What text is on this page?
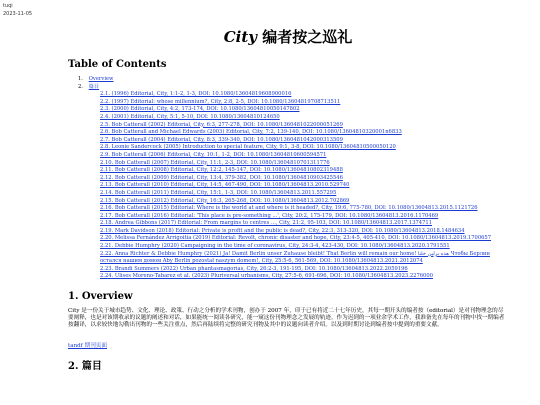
tuqi
2023-11-05
City 编者按之巡礼
Table of Contents
1. Overview
2. 篇目
2.1. (1996) Editorial, City, 1:1-2, 1-3, DOI: 10.1080/13604819608900016
2.2. (1997) Editorial: whose millennium?, City, 2:8, 2-5, DOI: 10.1080/13604819708713511
2.3. (2000) Editorial, City, 4:2, 173-174, DOI: 10.1080/13604810050147802
2.4. (2001) Editorial, City, 5:1, 5-10, DOI: 10.1080/13604810124650
2.5. Bob Catterall (2002) Editorial, City, 6:3, 277-278, DOI: 10.1080/1360481022000051269
2.6. Bob Catterall and Michael Edwards (2003) Editorial, City, 7:2, 139-140, DOI: 10.1080/13604810320001n6833
2.7. Bob Catterall (2004) Editorial, City, 8:3, 339-340, DOI: 10.1080/1360481042000313509
2.8. Leonie Sandercock (2005) Introduction to special feature, City, 9:1, 3-8, DOI: 10.1080/13604810500050120
2.9. Bob Catterall (2006) Editorial, City, 10:1, 1-2, DOI: 10.1080/13604810600594571
2.10. Bob Catterall (2007) Editorial, City, 11:1, 2-3, DOI: 10.1080/13604810701311776
2.11. Bob Catterall (2008) Editorial, City, 12:2, 145-147, DOI: 10.1080/13604810802319488
2.12. Bob Catterall (2009) Editorial, City, 13:4, 379-382, DOI: 10.1080/13604810903425546
2.13. Bob Catterall (2010) Editorial, City, 14:5, 467-490, DOI: 10.1080/13604813.2010.529740
2.14. Bob Catterall (2011) Editorial, City, 15:1, 1-3, DOI: 10.1080/13604813.2011.557295
2.15. Bob Catterall (2012) Editorial, City, 16:3, 265-268, DOI: 10.1080/13604813.2012.702869
2.16. Bob Catterall (2015) Editorial: Where is the world at and where is it headed?, City, 19:6, 775-780, DOI: 10.1080/13604813.2015.1121726
2.17. Bob Catterall (2016) Editorial: 'This place is pre-something ...', City, 20:2, 175-179, DOI: 10.1080/13604813.2016.1170469
2.18. Andrea Gibbons (2017) Editorial: From margins to centres ..., City, 21:2, 95-103, DOI: 10.1080/13604813.2017.1374711
2.19. Mark Davidson (2018) Editorial: Private is profit and the public is dead?, City, 22:3, 313-320, DOI: 10.1080/13604813.2018.1484634
2.20. Melissa Fernández Arrigoitia (2019) Editorial: Revolt, chronic disaster and hope, City, 23:4-5, 405-410, DOI: 10.1080/13604813.2019.1700657
2.21. Debbie Humphry (2020) Campaigning in the time of coronavirus, City, 24:3-4, 423-430, DOI: 10.1080/13604813.2020.1791551
2.22. Anna Richter & Debbie Humphry (2021) Ja! Damit Berlin unser Zuhause bleibt! That Berlin will remain our home! هذه برلين خلنا Чтобы Берлин остался нашим домом Aby Berlin pozostał naszym domem!, City, 25:5-6, 561-569, DOI: 10.1080/13604813.2021.2012074
2.23. Brandi Summers (2022) Urban phantasmagorias, City, 26:2-3, 191-195, DOI: 10.1080/13604813.2022.2059196
2.24. Ulises Moreno-Tabarez et al. (2023) Pluriversal urbanisms, City, 27:5-6, 691-696, DOI: 10.1080/13604813.2023.2276000
1. Overview

City 是一份关于城市趋势、文化、理论、政策、行动之分析的学术刊物，创办于 2007 年，印于已有将近二十七年历史，其每一期开头的编者按（editorial）是对刊物理念的尽要阐释，也是对该期收录的议题的阐述和对话，如果能统一阅读各研究，能一窥这份刊物理念之发展的轨迹。作为迟到的一项业余学术工作，我准备先在每年的刊物中找一期编者按翻译，以求较快地勾勒出刊物的一些关注重点，然后再陆续将完整的研究刊物及其中的议题向读者介绍。以及到时期讨论到编者按中提到的重要文献。

tandf 期刊页面
2. 篇目
